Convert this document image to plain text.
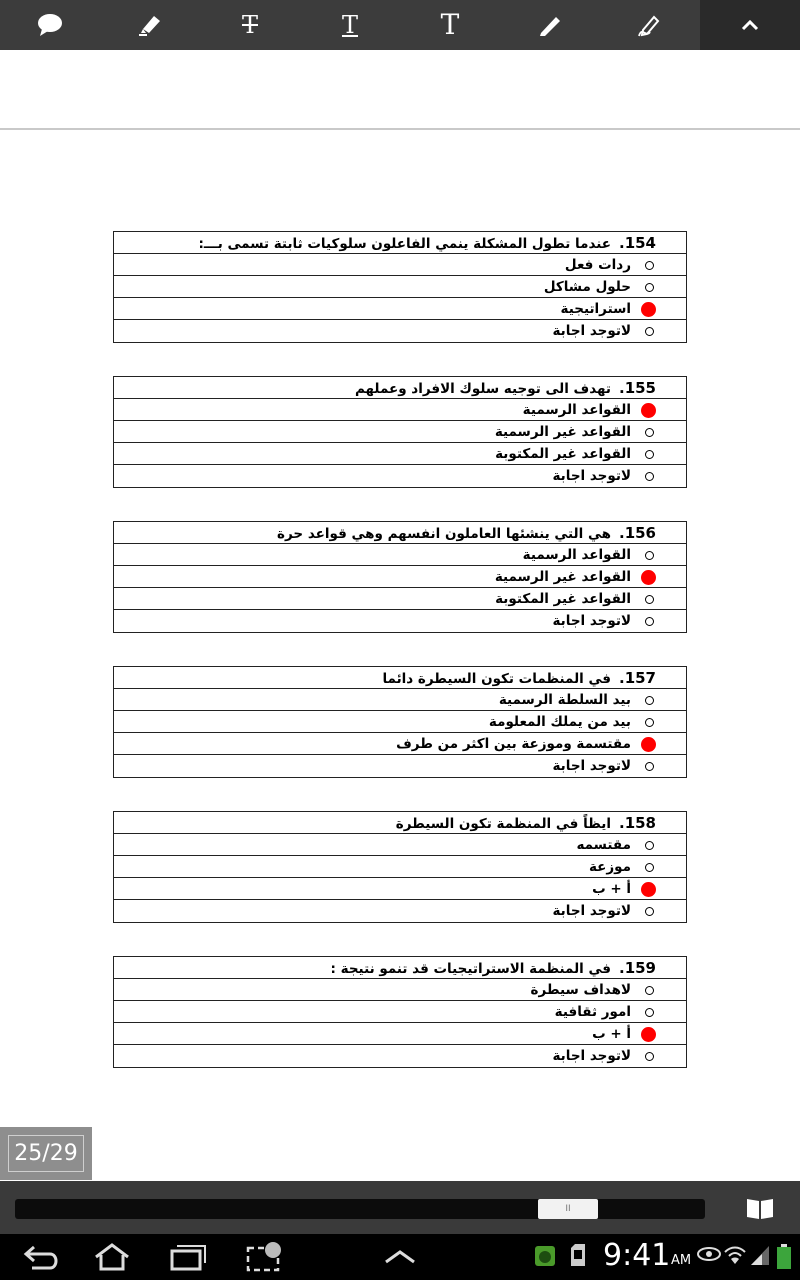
T	T	T
154.عندما تطول المشكلة ينمي الفاعلون سلوكيات ثابتة تسمى بـــ:
ردات فعل
حلول مشاكل
استراتيجية
لاتوجد اجابة
155.تهدف الى توجيه سلوك الافراد وعملهم
القواعد الرسمية
القواعد غير الرسمية
القواعد غير المكتوبة
لاتوجد اجابة
156.هي التي ينشئها العاملون انفسهم وهي قواعد حرة
القواعد الرسمية
القواعد غير الرسمية
القواعد غير المكتوبة
لاتوجد اجابة
157.في المنظمات تكون السيطرة دائما
بيد السلطة الرسمية
بيد من يملك المعلومة
مقتسمة وموزعة بين اكثر من طرف
لاتوجد اجابة
158.ايظاً في المنظمة تكون السيطرة
مقتسمه
موزعة
أ + ب
لاتوجد اجابة
159.في المنظمة الاستراتيجيات قد تنمو نتيجة :
لاهداف سيطرة
امور ثقافية
أ + ب
لاتوجد اجابة
25/29
II
9:41 AM
